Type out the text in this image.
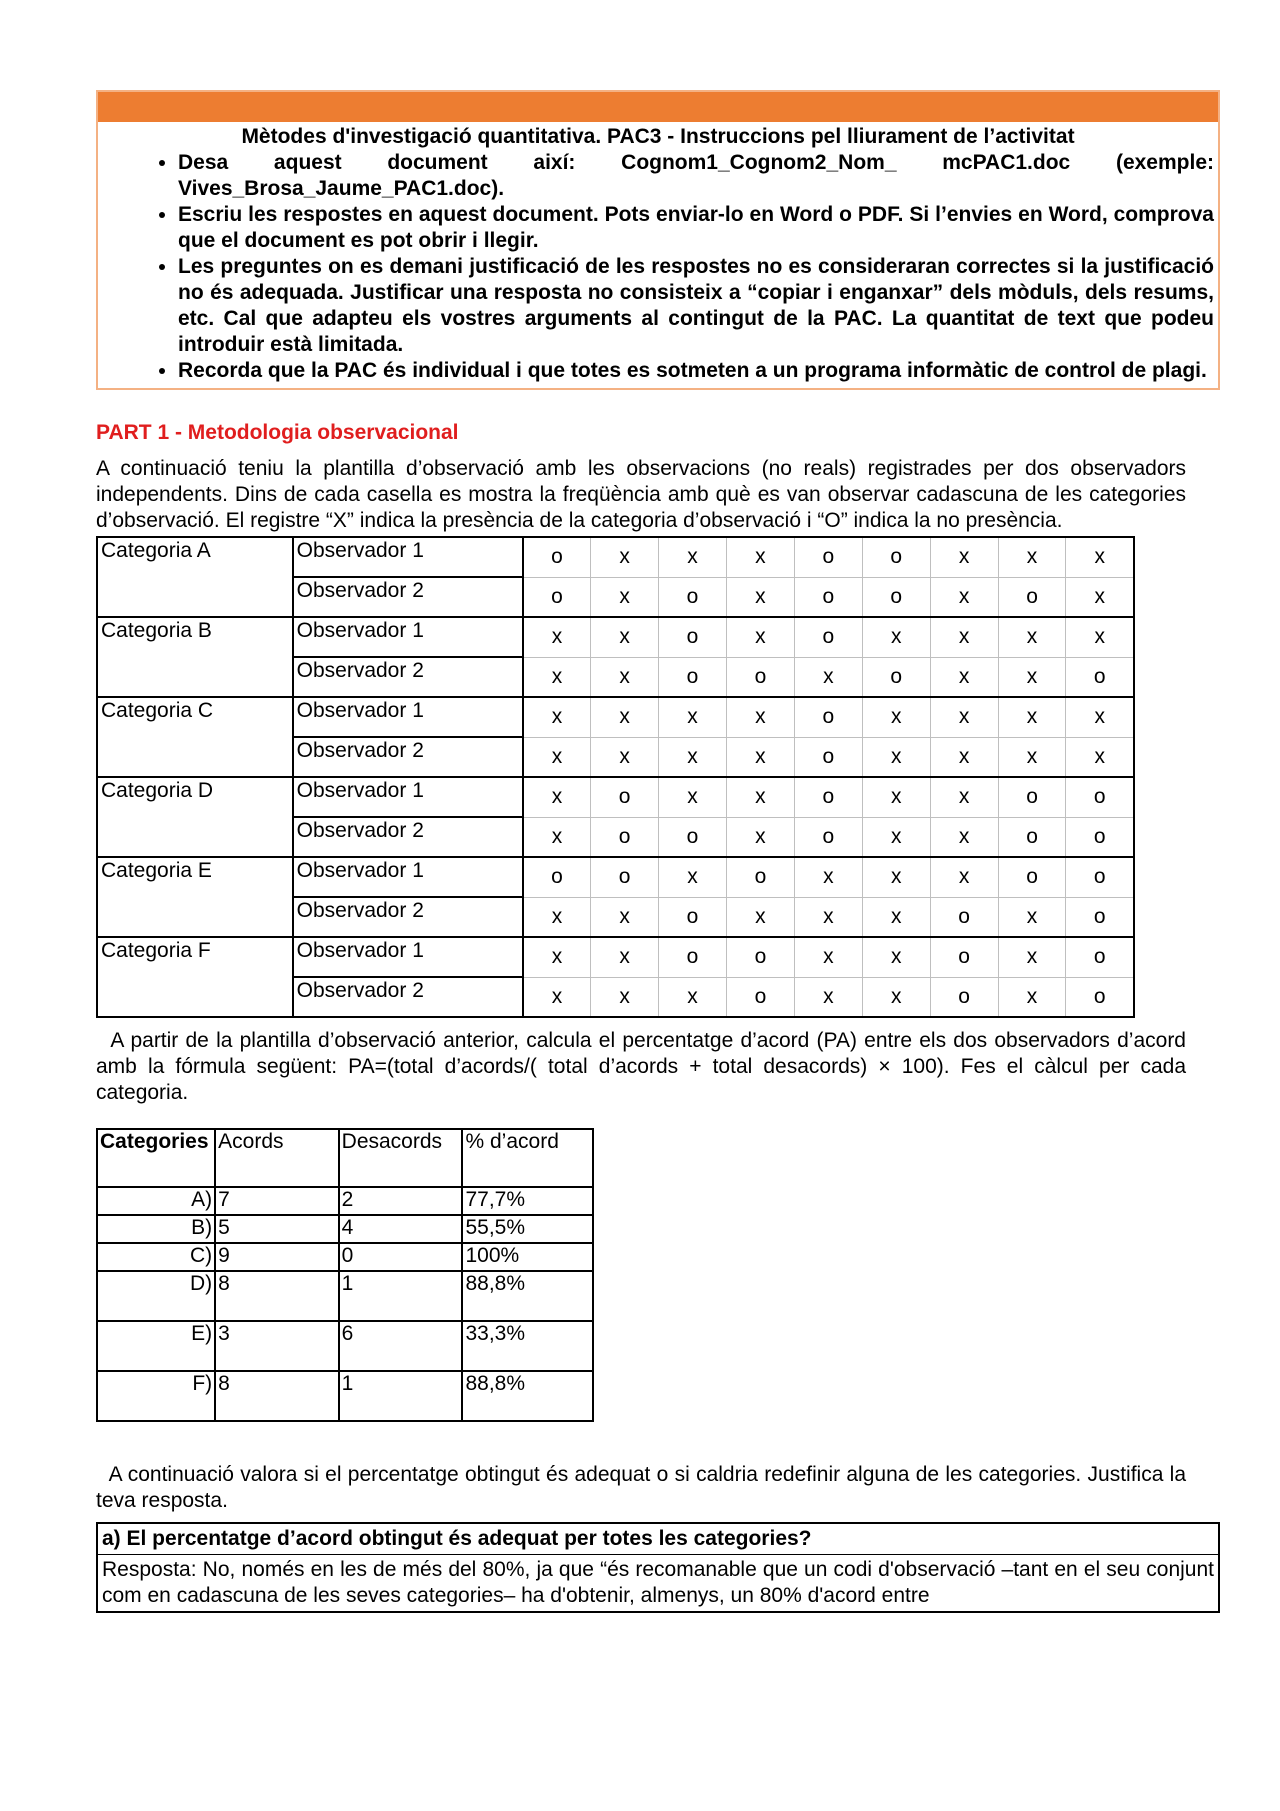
Mètodes d'investigació quantitativa. PAC3 - Instruccions pel lliurament de l’activitat
• Desa aquest document així: Cognom1_Cognom2_Nom_ mcPAC1.doc (exemple: Vives_Brosa_Jaume_PAC1.doc).
• Escriu les respostes en aquest document. Pots enviar-lo en Word o PDF. Si l’envies en Word, comprova que el document es pot obrir i llegir.
• Les preguntes on es demani justificació de les respostes no es consideraran correctes si la justificació no és adequada. Justificar una resposta no consisteix a “copiar i enganxar” dels mòduls, dels resums, etc. Cal que adapteu els vostres arguments al contingut de la PAC. La quantitat de text que podeu introduir està limitada.
• Recorda que la PAC és individual i que totes es sotmeten a un programa informàtic de control de plagi.
PART 1 - Metodologia observacional
A continuació teniu la plantilla d’observació amb les observacions (no reals) registrades per dos observadors independents. Dins de cada casella es mostra la freqüència amb què es van observar cadascuna de les categories d’observació. El registre “X” indica la presència de la categoria d’observació i “O” indica la no presència.
Categoria A	Observador 1	o	x	x	x	o	o	x	x	x
	Observador 2	o	x	o	x	o	o	x	o	x
Categoria B	Observador 1	x	x	o	x	o	x	x	x	x
	Observador 2	x	x	o	o	x	o	x	x	o
Categoria C	Observador 1	x	x	x	x	o	x	x	x	x
	Observador 2	x	x	x	x	o	x	x	x	x
Categoria D	Observador 1	x	o	x	x	o	x	x	o	o
	Observador 2	x	o	o	x	o	x	x	o	o
Categoria E	Observador 1	o	o	x	o	x	x	x	o	o
	Observador 2	x	x	o	x	x	x	o	x	o
Categoria F	Observador 1	x	x	o	o	x	x	o	x	o
	Observador 2	x	x	x	o	x	x	o	x	o
A partir de la plantilla d’observació anterior, calcula el percentatge d’acord (PA) entre els dos observadors d’acord amb la fórmula següent: PA=(total d’acords/( total d’acords + total desacords) × 100). Fes el càlcul per cada categoria.
Categories	Acords	Desacords	% d’acord
A)	7	2	77,7%
B)	5	4	55,5%
C)	9	0	100%
D)	8	1	88,8%
E)	3	6	33,3%
F)	8	1	88,8%
A continuació valora si el percentatge obtingut és adequat o si caldria redefinir alguna de les categories. Justifica la teva resposta.
a) El percentatge d’acord obtingut és adequat per totes les categories?
Resposta: No, només en les de més del 80%, ja que “és recomanable que un codi d'observació –tant en el seu conjunt com en cadascuna de les seves categories– ha d'obtenir, almenys, un 80% d'acord entre
